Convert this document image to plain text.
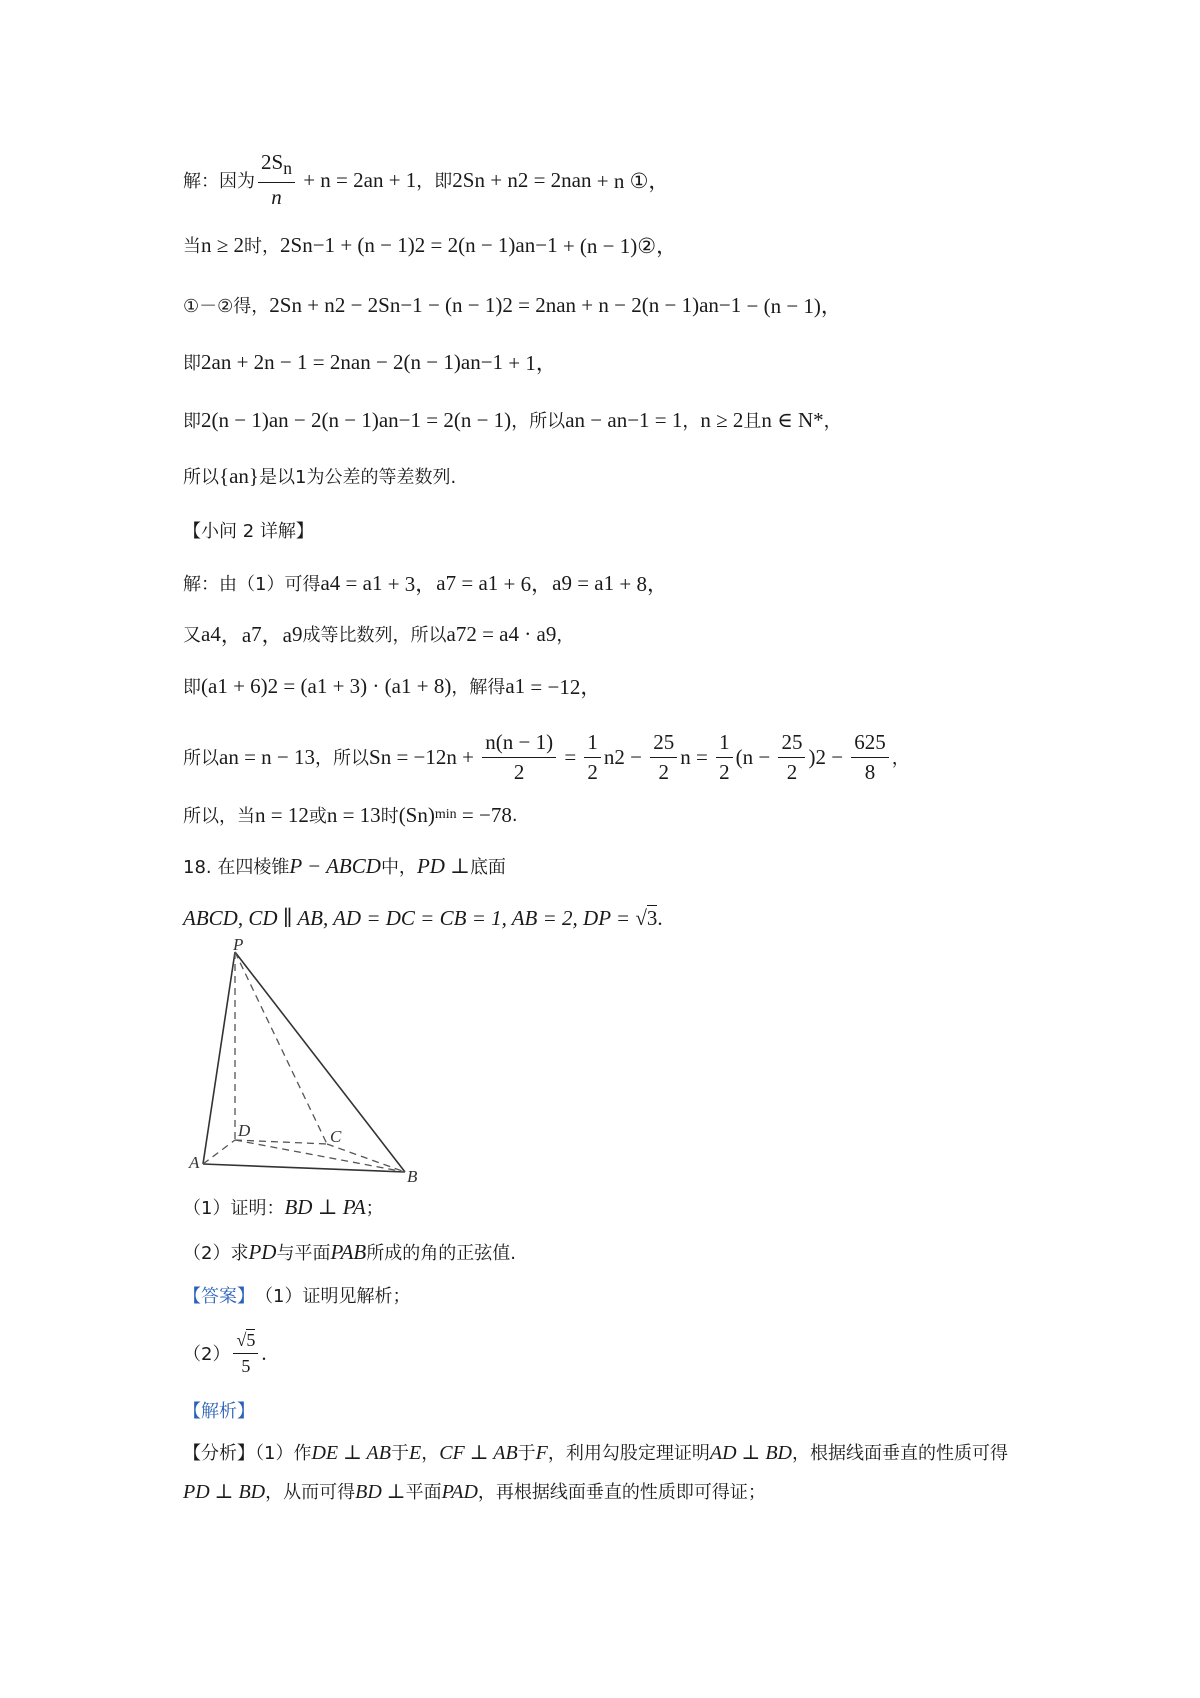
解：因为 $\frac{2S_n}{n} + n = 2a$ n + 1 ，即 2S n + n 2 = 2na n + n ①，
当 n ≥ 2 时， 2S n−1 + (n − 1) 2 = 2(n − 1)a n−1 + (n − 1)②，
①－②得， 2S n + n 2 − 2S n−1 − (n − 1) 2 = 2na n + n − 2(n − 1)a n−1 − (n − 1)，
即 2a n + 2n − 1 = 2na n − 2(n − 1)a n−1 + 1，
即 2(n − 1)a n − 2(n − 1)a n−1 = 2(n − 1) ，所以 a n − a n−1 = 1 ， n ≥ 2 且 n ∈ N* ，
所以 {a n } 是以1为公差的等差数列.
【小问 2 详解】
解：由（1）可得 a 4 = a 1 + 3， a 7 = a 1 + 6， a 9 = a 1 + 8，
又 a 4 ，a 7 ，a 9 成等比数列，所以 a 7 2 = a 4 · a 9 ，
即 (a 1 + 6) 2 = (a 1 + 3) · (a 1 + 8) ，解得 a 1 = −12，
所以 a n = n − 13 ，所以 S $n = -12n + \frac{n(n - 1)}{2} = \frac{1}{2}$ n $2 - \frac{25}{2}$ $n = \frac{1}{2} (n - \frac{25}{2}$ ) $2 - \frac{625}{8}$ ，
所以，当 n = 12 或 n = 13 时 (S n ) min = −78 .
18. 在四棱锥 P − ABCD 中， PD ⊥ 底面
ABCD, CD ∥ AB, AD = DC = CB = 1, AB = 2, DP = √ 3 .
P
A
B
C
D
（1）证明： BD ⊥ PA ；
（2）求 PD 与平面 PAB 所成的角的正弦值.
【答案】 （1）证明见解析；
$(2) \frac{√5}{5}$ .
【解析】
【分析】（1）作DE ⊥ AB于E，CF ⊥ AB于F，利用勾股定理证明AD ⊥ BD，根据线面垂直的性质可得PD ⊥ BD，从而可得BD ⊥平面PAD，再根据线面垂直的性质即可得证；
